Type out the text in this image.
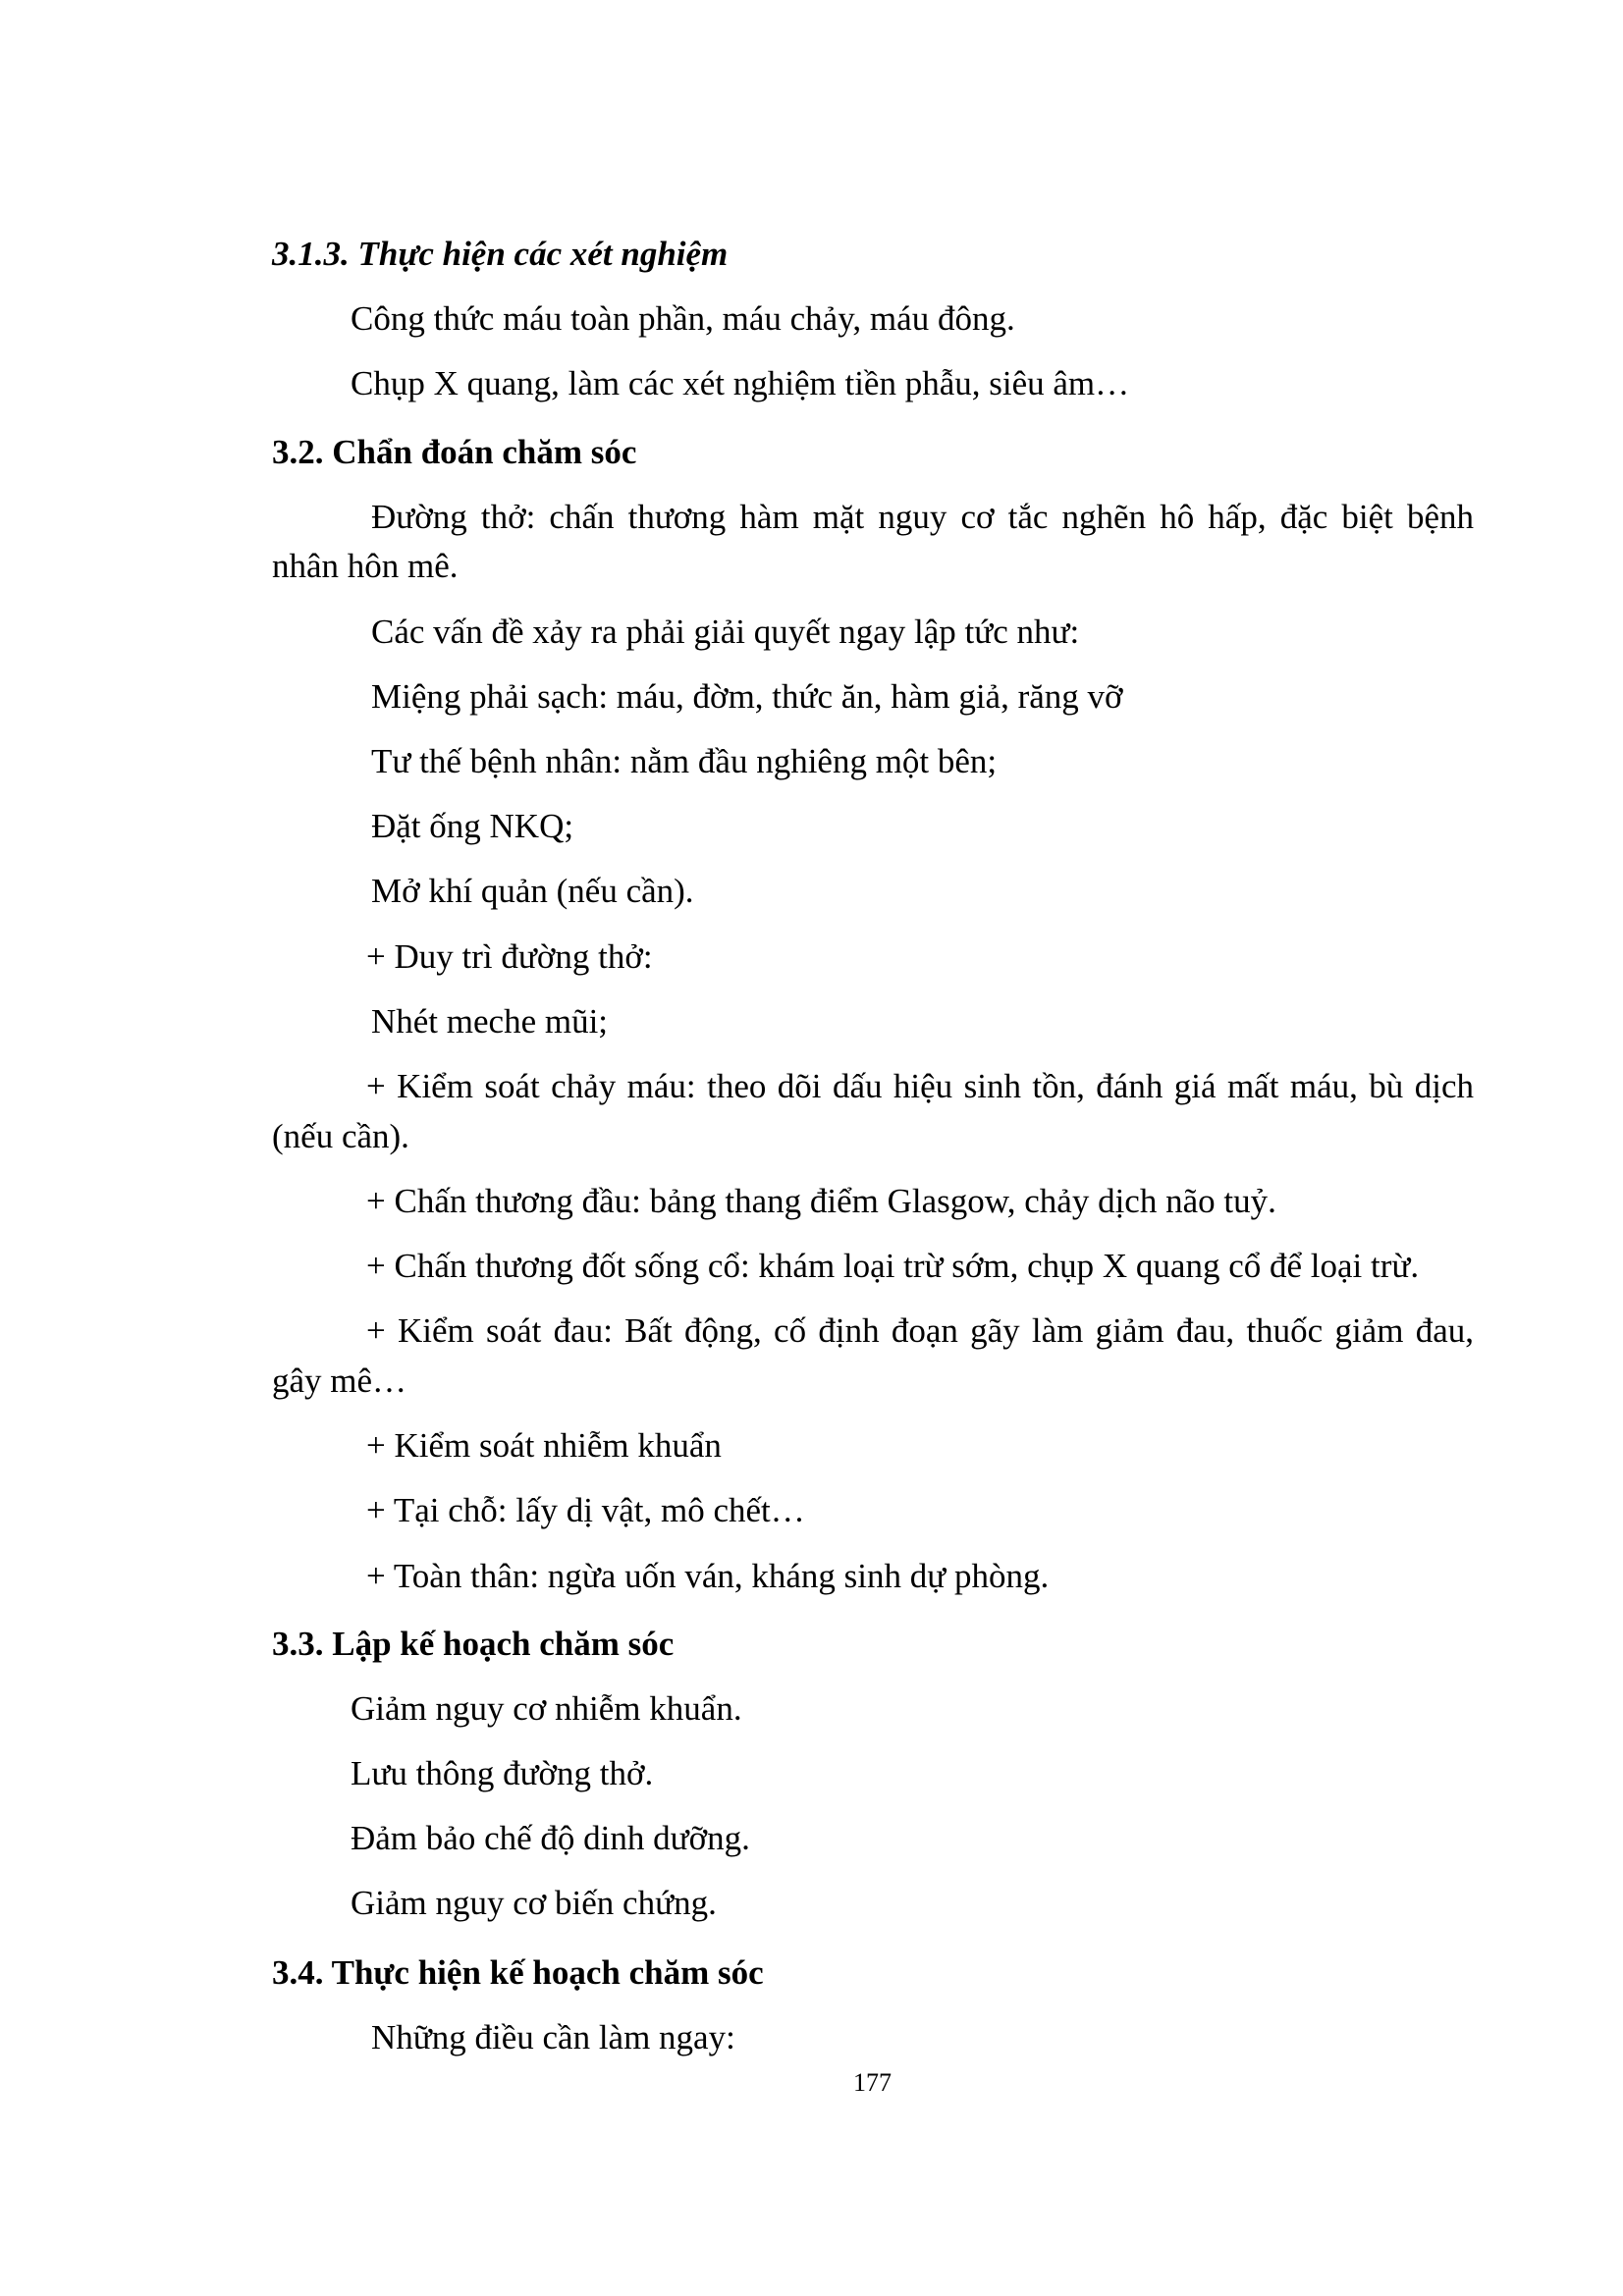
3.1.3. Thực hiện các xét nghiệm
Công thức máu toàn phần, máu chảy, máu đông.
Chụp X quang, làm các xét nghiệm tiền phẫu, siêu âm…
3.2. Chẩn đoán chăm sóc
Đường thở: chấn thương hàm mặt nguy cơ tắc nghẽn hô hấp, đặc biệt bệnh
nhân hôn mê.
Các vấn đề xảy ra phải giải quyết ngay lập tức như:
Miệng phải sạch: máu, đờm, thức ăn, hàm giả, răng vỡ
Tư thế bệnh nhân: nằm đầu nghiêng một bên;
Đặt ống NKQ;
Mở khí quản (nếu cần).
+ Duy trì đường thở:
Nhét meche mũi;
+ Kiểm soát chảy máu: theo dõi dấu hiệu sinh tồn, đánh giá mất máu, bù dịch
(nếu cần).
+ Chấn thương đầu: bảng thang điểm Glasgow, chảy dịch não tuỷ.
+ Chấn thương đốt sống cổ: khám loại trừ sớm, chụp X quang cổ để loại trừ.
+ Kiểm soát đau: Bất động, cố định đoạn gãy làm giảm đau, thuốc giảm đau,
gây mê…
+ Kiểm soát nhiễm khuẩn
+ Tại chỗ: lấy dị vật, mô chết…
+ Toàn thân: ngừa uốn ván, kháng sinh dự phòng.
3.3. Lập kế hoạch chăm sóc
Giảm nguy cơ nhiễm khuẩn.
Lưu thông đường thở.
Đảm bảo chế độ dinh dưỡng.
Giảm nguy cơ biến chứng.
3.4. Thực hiện kế hoạch chăm sóc
Những điều cần làm ngay:
177
